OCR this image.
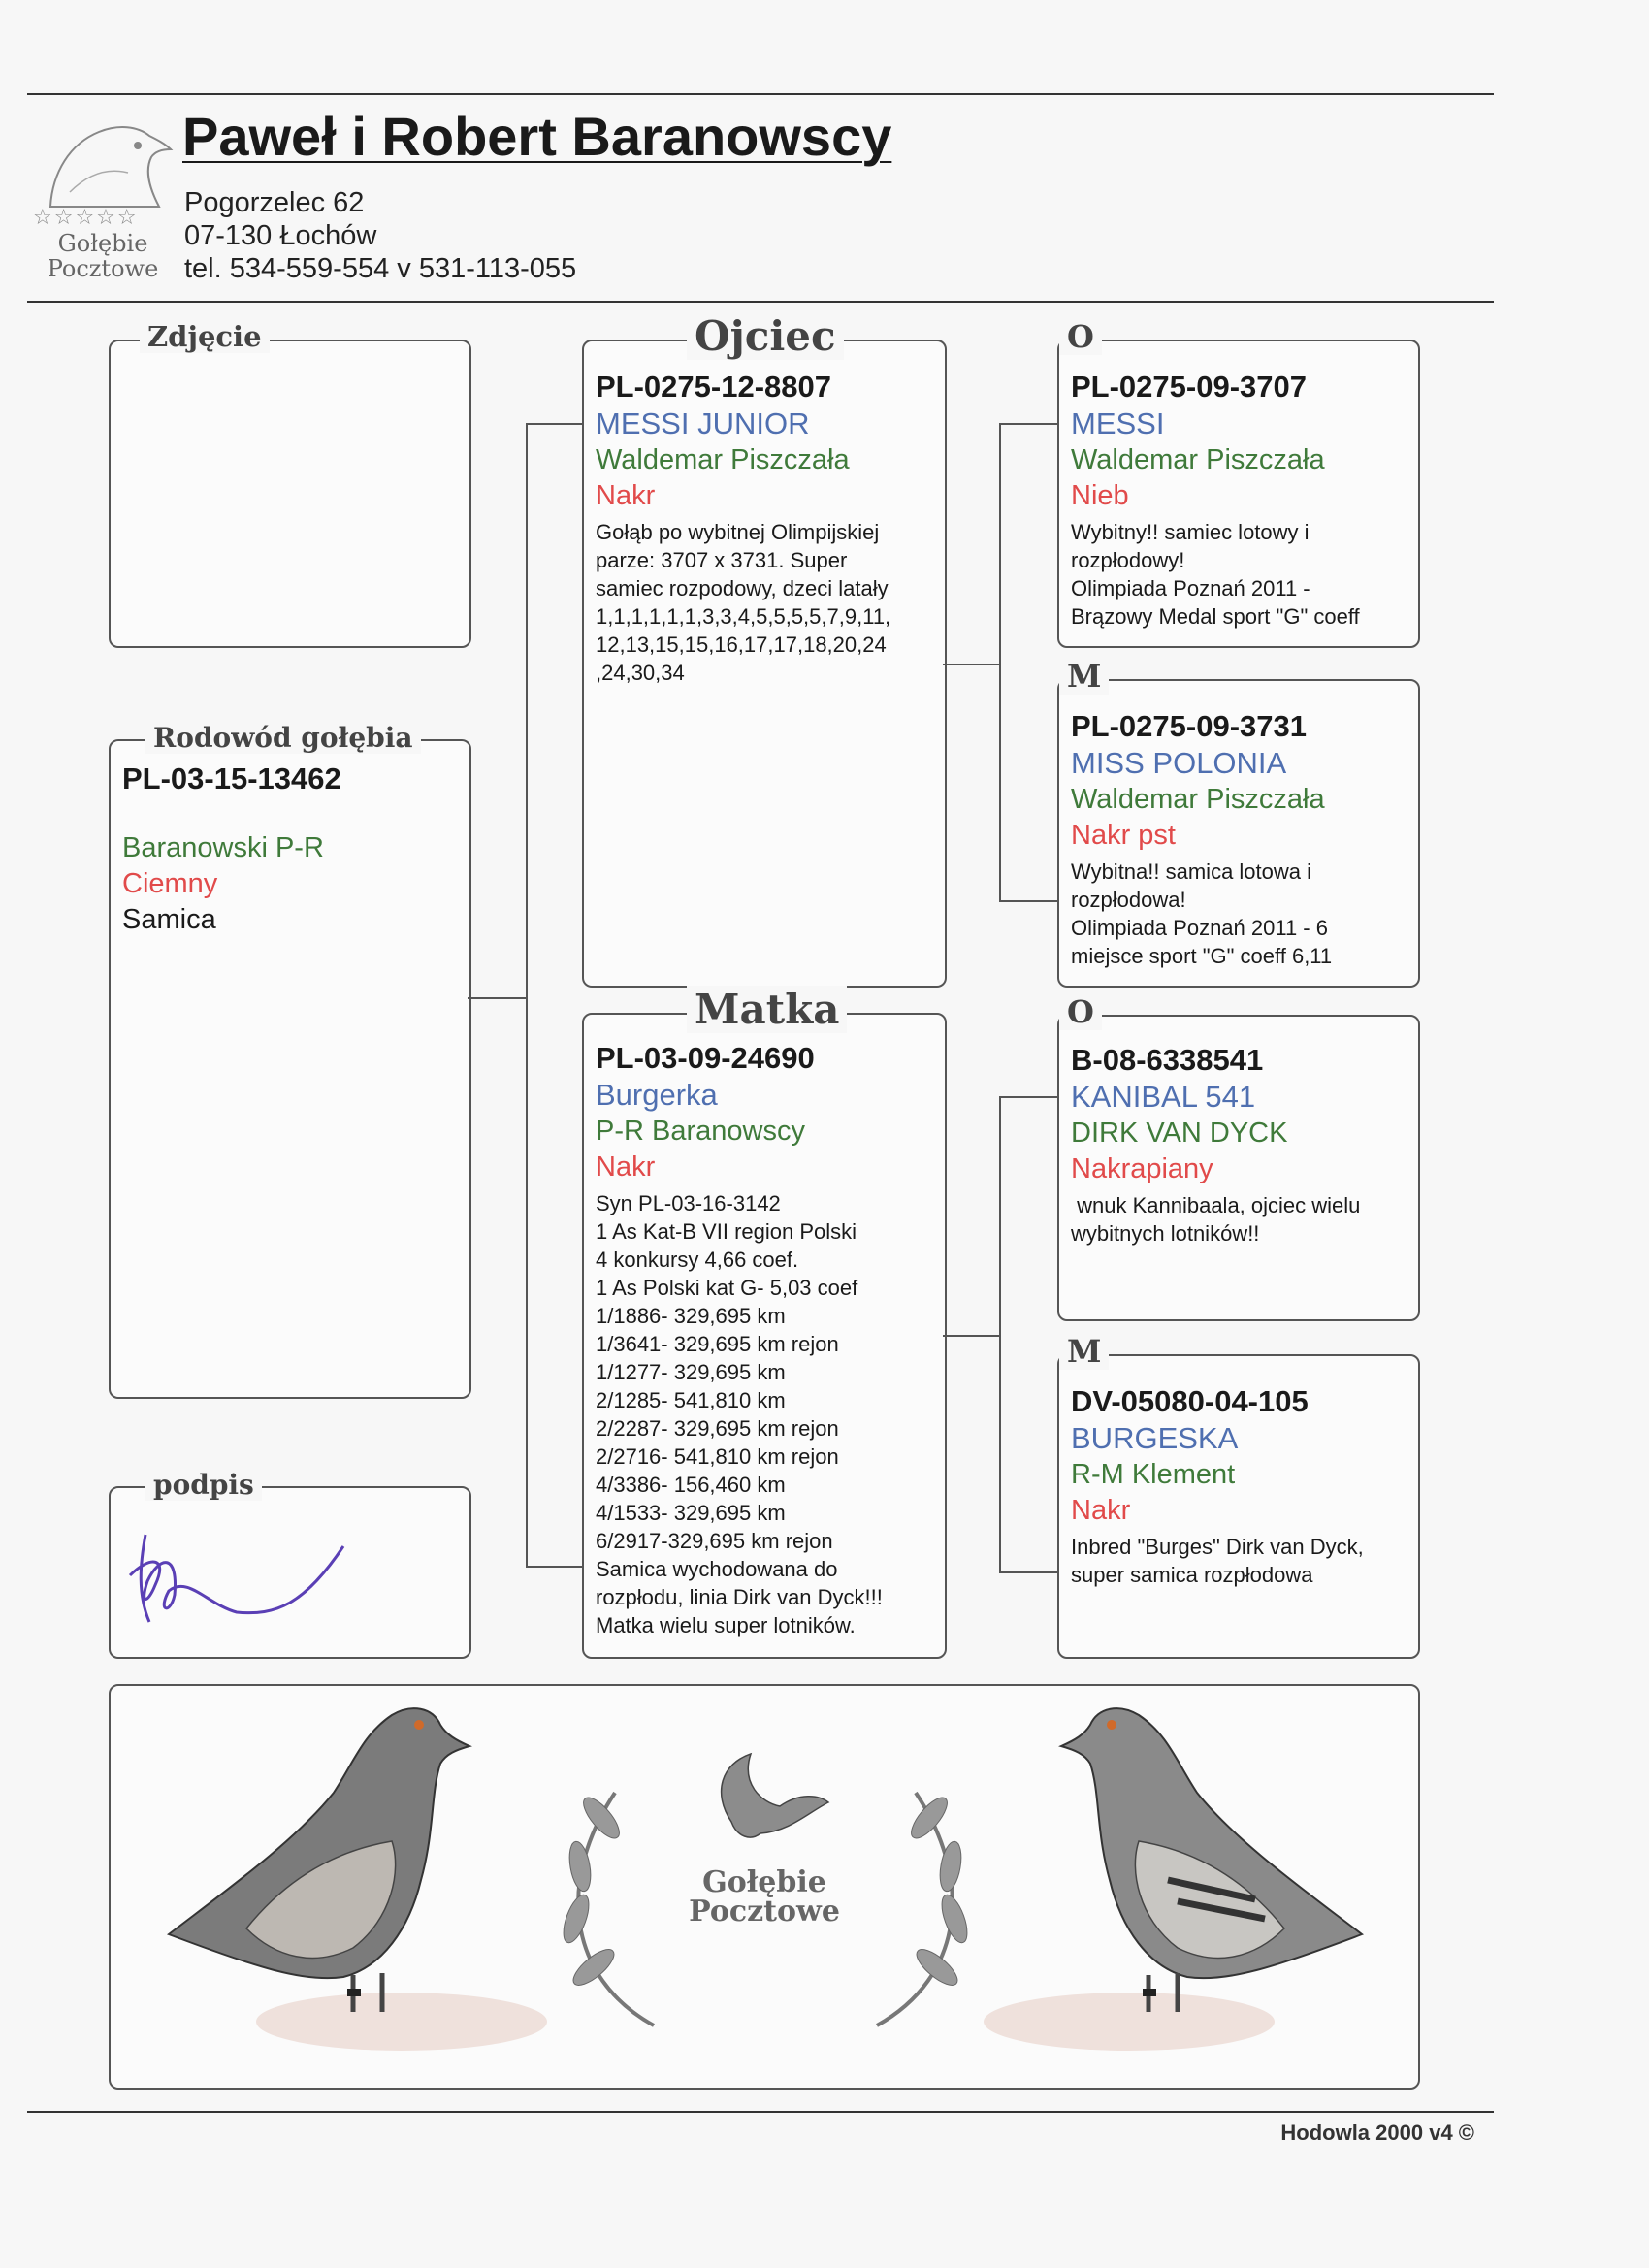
☆☆☆☆☆
Gołębie
Pocztowe
Paweł i Robert Baranowscy
Pogorzelec 62
07-130 Łochów
tel. 534-559-554 v 531-113-055
Zdjęcie
Rodowód gołębia
PL-03-15-13462
Baranowski P-R
Ciemny
Samica
podpis
Ojciec
PL-0275-12-8807
MESSI JUNIOR
Waldemar Piszczała
Nakr
Gołąb po wybitnej Olimpijskiej
parze: 3707 x 3731. Super
samiec rozpodowy, dzeci latały
1,1,1,1,1,1,3,3,4,5,5,5,5,7,9,11,
12,13,15,15,16,17,17,18,20,24
,24,30,34
Matka
PL-03-09-24690
Burgerka
P-R Baranowscy
Nakr
Syn PL-03-16-3142
1 As Kat-B VII region Polski
4 konkursy 4,66 coef.
1 As Polski kat G- 5,03 coef
1/1886- 329,695 km
1/3641- 329,695 km rejon
1/1277- 329,695 km
2/1285- 541,810 km
2/2287- 329,695 km rejon
2/2716- 541,810 km rejon
4/3386- 156,460 km
4/1533- 329,695 km
6/2917-329,695 km rejon
Samica wychodowana do
rozpłodu, linia Dirk van Dyck!!!
Matka wielu super lotników.
O
PL-0275-09-3707
MESSI
Waldemar Piszczała
Nieb
Wybitny!! samiec lotowy i
rozpłodowy!
Olimpiada Poznań 2011 -
Brązowy Medal sport "G" coeff
M
PL-0275-09-3731
MISS POLONIA
Waldemar Piszczała
Nakr pst
Wybitna!! samica lotowa i
rozpłodowa!
Olimpiada Poznań 2011 - 6
miejsce sport "G" coeff 6,11
O
B-08-6338541
KANIBAL 541
DIRK VAN DYCK
Nakrapiany
wnuk Kannibaala, ojciec wielu
wybitnych lotników!!
M
DV-05080-04-105
BURGESKA
R-M Klement
Nakr
Inbred "Burges" Dirk van Dyck,
super samica rozpłodowa
Gołębie
Pocztowe
Hodowla 2000 v4 ©
